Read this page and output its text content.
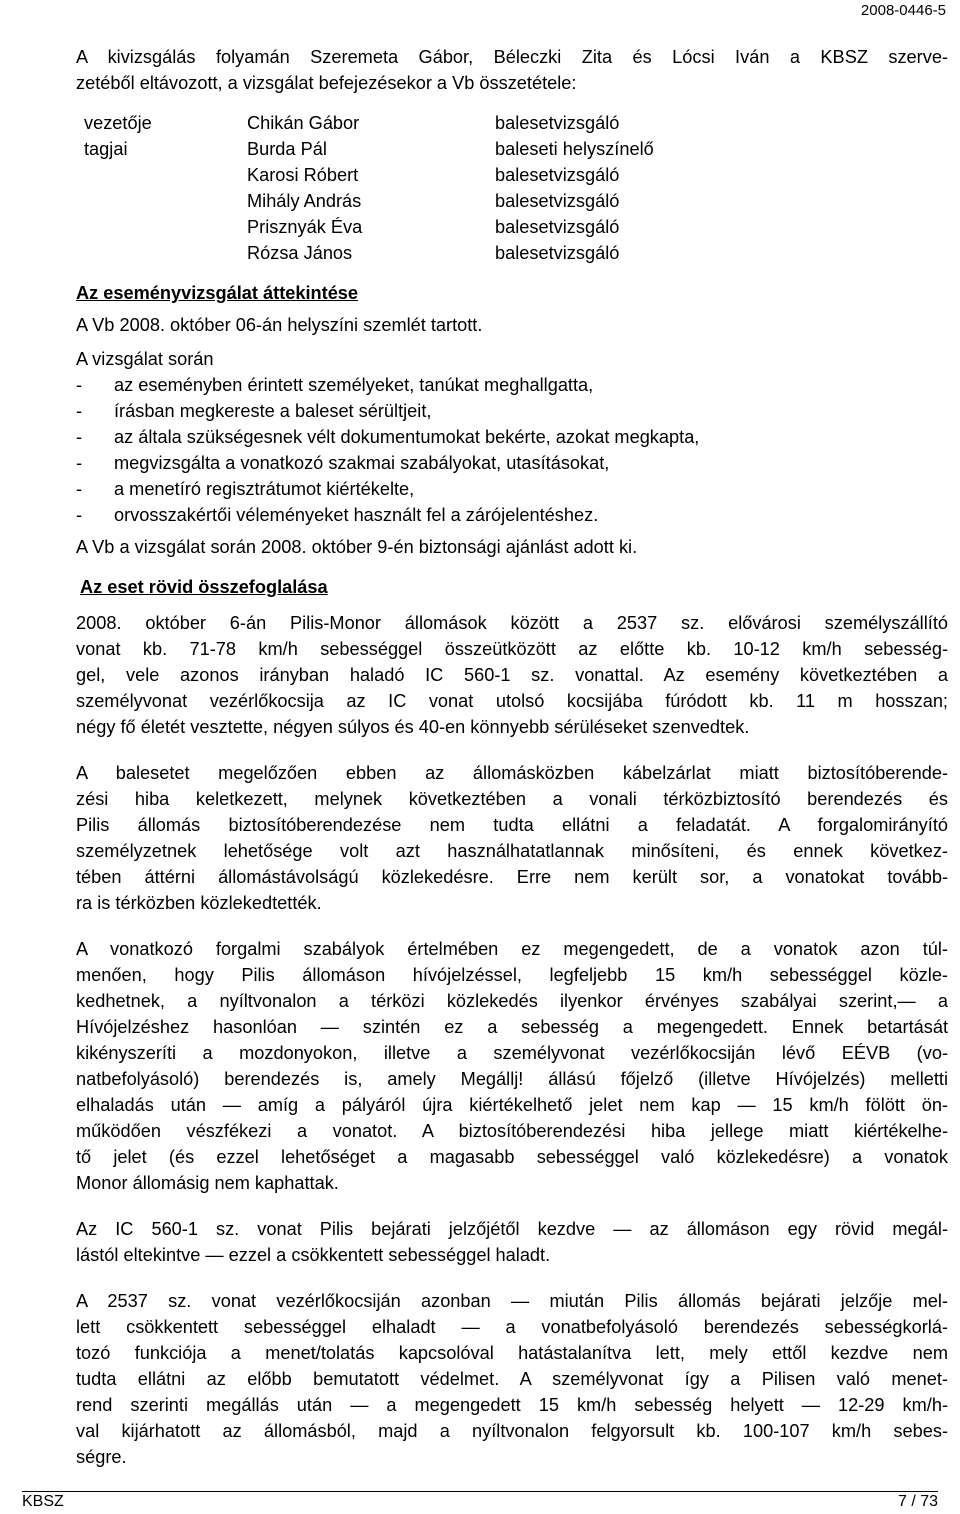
2008-0446-5
A kivizsgálás folyamán Szeremeta Gábor, Béleczki Zita és Lócsi Iván a KBSZ szerve-
zetéből eltávozott, a vizsgálat befejezésekor a Vb összetétele:
vezetője	Chikán Gábor	balesetvizsgáló
tagjai	Burda Pál	baleseti helyszínelő
Karosi Róbert	balesetvizsgáló
Mihály András	balesetvizsgáló
Prisznyák Éva	balesetvizsgáló
Rózsa János	balesetvizsgáló
Az eseményvizsgálat áttekintése
A Vb 2008. október 06-án helyszíni szemlét tartott.
A vizsgálat során
-	az eseményben érintett személyeket, tanúkat meghallgatta,
-	írásban megkereste a baleset sérültjeit,
-	az általa szükségesnek vélt dokumentumokat bekérte, azokat megkapta,
-	megvizsgálta a vonatkozó szakmai szabályokat, utasításokat,
-	a menetíró regisztrátumot kiértékelte,
-	orvosszakértői véleményeket használt fel a zárójelentéshez.
A Vb a vizsgálat során 2008. október 9-én biztonsági ajánlást adott ki.
Az eset rövid összefoglalása
2008. október 6-án Pilis-Monor állomások között a 2537 sz. elővárosi személyszállító
vonat kb. 71-78 km/h sebességgel összeütközött az előtte kb. 10-12 km/h sebesség-
gel, vele azonos irányban haladó IC 560-1 sz. vonattal. Az esemény következtében a
személyvonat vezérlőkocsija az IC vonat utolsó kocsijába fúródott kb. 11 m hosszan;
négy fő életét vesztette, négyen súlyos és 40-en könnyebb sérüléseket szenvedtek.
A balesetet megelőzően ebben az állomásközben kábelzárlat miatt biztosítóberende-
zési hiba keletkezett, melynek következtében a vonali térközbiztosító berendezés és
Pilis állomás biztosítóberendezése nem tudta ellátni a feladatát. A forgalomirányító
személyzetnek lehetősége volt azt használhatatlannak minősíteni, és ennek következ-
tében áttérni állomástávolságú közlekedésre. Erre nem került sor, a vonatokat tovább-
ra is térközben közlekedtették.
A vonatkozó forgalmi szabályok értelmében ez megengedett, de a vonatok azon túl-
menően, hogy Pilis állomáson hívójelzéssel, legfeljebb 15 km/h sebességgel közle-
kedhetnek, a nyíltvonalon a térközi közlekedés ilyenkor érvényes szabályai szerint,— a
Hívójelzéshez hasonlóan — szintén ez a sebesség a megengedett. Ennek betartását
kikényszeríti a mozdonyokon, illetve a személyvonat vezérlőkocsiján lévő EÉVB (vo-
natbefolyásoló) berendezés is, amely Megállj! állású főjelző (illetve Hívójelzés) melletti
elhaladás után — amíg a pályáról újra kiértékelhető jelet nem kap — 15 km/h fölött ön-
működően vészfékezi a vonatot. A biztosítóberendezési hiba jellege miatt kiértékelhe-
tő jelet (és ezzel lehetőséget a magasabb sebességgel való közlekedésre) a vonatok
Monor állomásig nem kaphattak.
Az IC 560-1 sz. vonat Pilis bejárati jelzőjétől kezdve — az állomáson egy rövid megál-
lástól eltekintve — ezzel a csökkentett sebességgel haladt.
A 2537 sz. vonat vezérlőkocsiján azonban — miután Pilis állomás bejárati jelzője mel-
lett csökkentett sebességgel elhaladt — a vonatbefolyásoló berendezés sebességkorlá-
tozó funkciója a menet/tolatás kapcsolóval hatástalanítva lett, mely ettől kezdve nem
tudta ellátni az előbb bemutatott védelmet. A személyvonat így a Pilisen való menet-
rend szerinti megállás után — a megengedett 15 km/h sebesség helyett — 12-29 km/h-
val kijárhatott az állomásból, majd a nyíltvonalon felgyorsult kb. 100-107 km/h sebes-
ségre.
KBSZ	7 / 73
